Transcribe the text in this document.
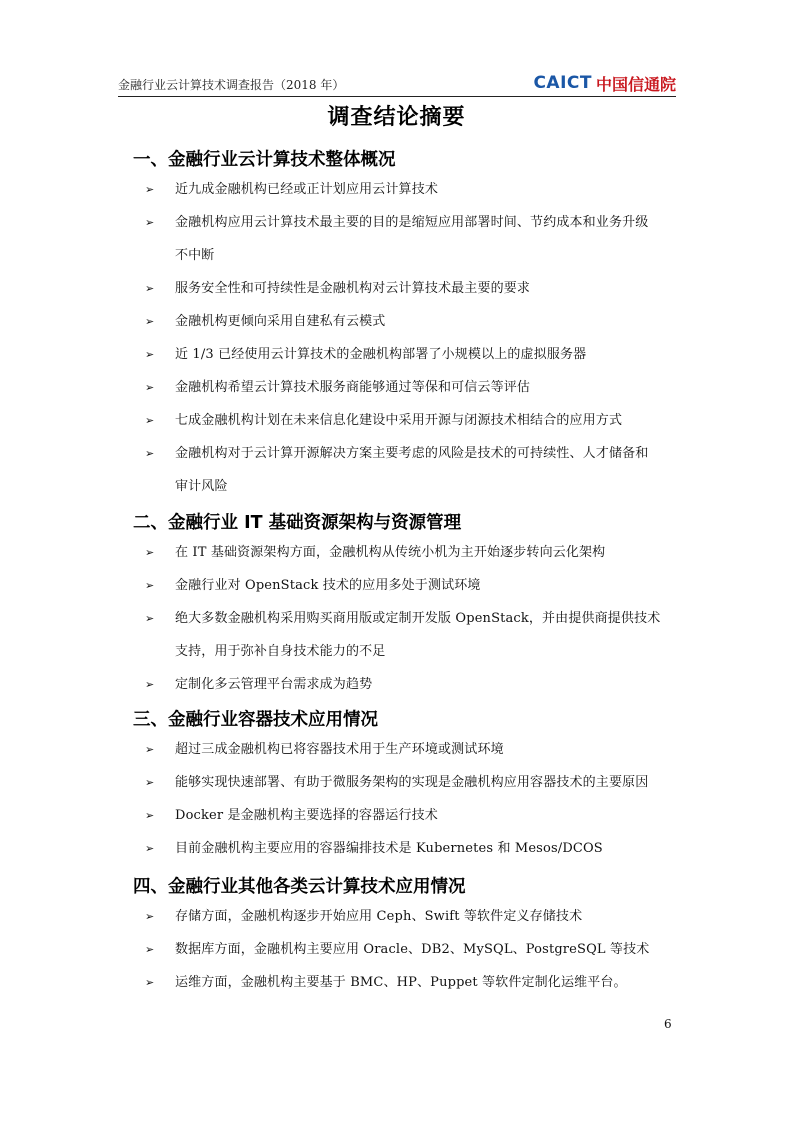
金融行业云计算技术调查报告（2018 年）	CAICT 中国信通院
调查结论摘要
一、金融行业云计算技术整体概况
➢	近九成金融机构已经或正计划应用云计算技术
➢	金融机构应用云计算技术最主要的目的是缩短应用部署时间、节约成本和业务升级
不中断
➢	服务安全性和可持续性是金融机构对云计算技术最主要的要求
➢	金融机构更倾向采用自建私有云模式
➢	近 1/3 已经使用云计算技术的金融机构部署了小规模以上的虚拟服务器
➢	金融机构希望云计算技术服务商能够通过等保和可信云等评估
➢	七成金融机构计划在未来信息化建设中采用开源与闭源技术相结合的应用方式
➢	金融机构对于云计算开源解决方案主要考虑的风险是技术的可持续性、人才储备和
审计风险
二、金融行业 IT 基础资源架构与资源管理
➢	在 IT 基础资源架构方面，金融机构从传统小机为主开始逐步转向云化架构
➢	金融行业对 OpenStack 技术的应用多处于测试环境
➢	绝大多数金融机构采用购买商用版或定制开发版 OpenStack，并由提供商提供技术
支持，用于弥补自身技术能力的不足
➢	定制化多云管理平台需求成为趋势
三、金融行业容器技术应用情况
➢	超过三成金融机构已将容器技术用于生产环境或测试环境
➢	能够实现快速部署、有助于微服务架构的实现是金融机构应用容器技术的主要原因
➢	Docker 是金融机构主要选择的容器运行技术
➢	目前金融机构主要应用的容器编排技术是 Kubernetes 和 Mesos/DCOS
四、金融行业其他各类云计算技术应用情况
➢	存储方面，金融机构逐步开始应用 Ceph、Swift 等软件定义存储技术
➢	数据库方面，金融机构主要应用 Oracle、DB2、MySQL、PostgreSQL 等技术
➢	运维方面，金融机构主要基于 BMC、HP、Puppet 等软件定制化运维平台。
6
